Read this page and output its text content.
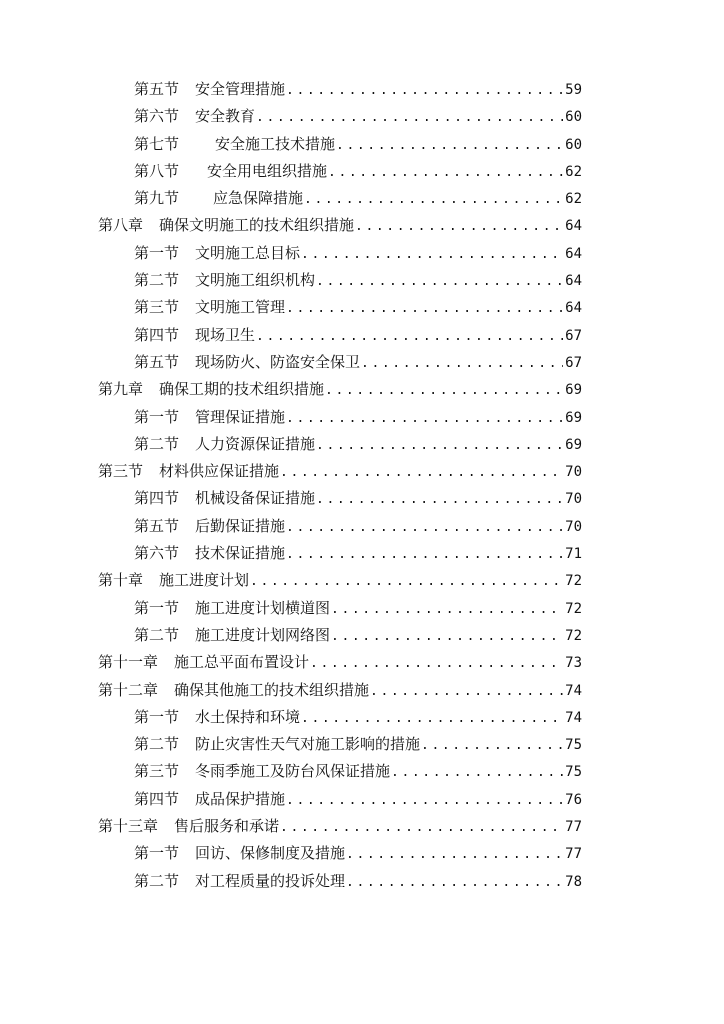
第五节 安全管理措施 .....	59
第六节 安全教育 .....	60
第七节 安全施工技术措施 .....	60
第八节 安全用电组织措施 .....	62
第九节 应急保障措施 .....	62
第八章 确保文明施工的技术组织措施 .....	64
第一节 文明施工总目标 .....	64
第二节 文明施工组织机构 .....	64
第三节 文明施工管理 .....	64
第四节 现场卫生 .....	67
第五节 现场防火、防盗安全保卫 .....	67
第九章 确保工期的技术组织措施 .....	69
第一节 管理保证措施 .....	69
第二节 人力资源保证措施 .....	69
第三节 材料供应保证措施 .....	70
第四节 机械设备保证措施 .....	70
第五节 后勤保证措施 .....	70
第六节 技术保证措施 .....	71
第十章 施工进度计划 .....	72
第一节 施工进度计划横道图 .....	72
第二节 施工进度计划网络图 .....	72
第十一章 施工总平面布置设计 .....	73
第十二章 确保其他施工的技术组织措施 .....	74
第一节 水土保持和环境 .....	74
第二节 防止灾害性天气对施工影响的措施 .....	75
第三节 冬雨季施工及防台风保证措施 .....	75
第四节 成品保护措施 .....	76
第十三章 售后服务和承诺 .....	77
第一节 回访、保修制度及措施 .....	77
第二节 对工程质量的投诉处理 .....	78
